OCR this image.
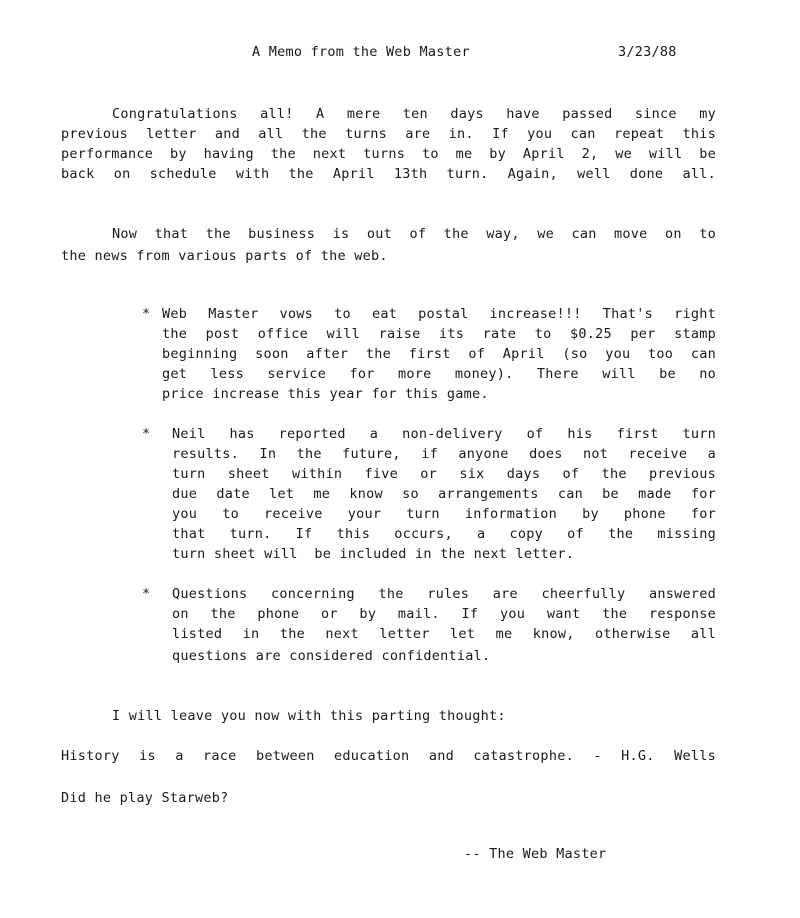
A Memo from the Web Master	3/23/88

Congratulations all! A mere ten days have passed since my

previous letter and all the turns are in. If you can repeat this

performance by having the next turns to me by April 2, we will be

back on schedule with the April 13th turn. Again, well done all.

Now that the business is out of the way, we can move on to

the news from various parts of the web.

* Web Master vows to eat postal increase!!! That's right

the post office will raise its rate to $0.25 per stamp

beginning soon after the first of April (so you too can

get less service for more money). There will be no

price increase this year for this game.

* Neil has reported a non-delivery of his first turn

results. In the future, if anyone does not receive a

turn sheet within five or six days of the previous

due date let me know so arrangements can be made for

you to receive your turn information by phone for

that turn. If this occurs, a copy of the missing

turn sheet will  be included in the next letter.

* Questions concerning the rules are cheerfully answered

on the phone or by mail. If you want the response

listed in the next letter let me know, otherwise all

questions are considered confidential.

I will leave you now with this parting thought:

History is a race between education and catastrophe. - H.G. Wells

Did he play Starweb?

-- The Web Master
